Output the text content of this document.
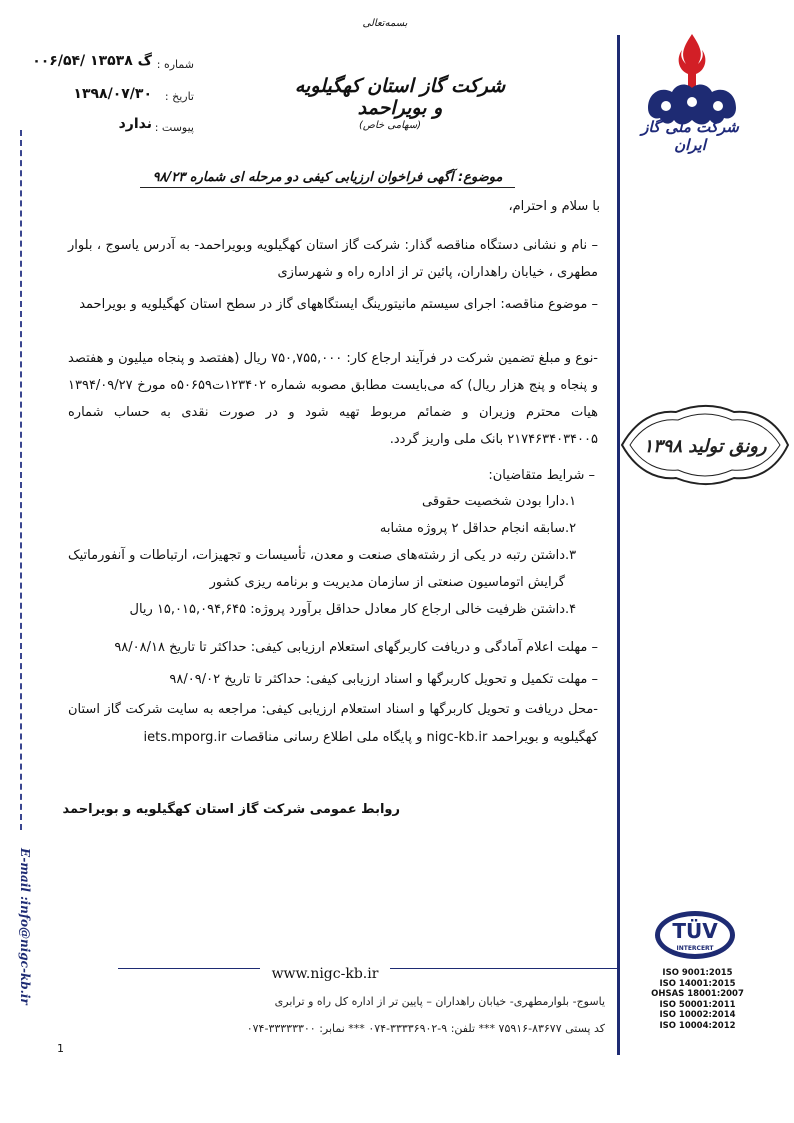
بسمه‌تعالی
شرکت گاز استان کهگیلویه و بویراحمد
(سهامی خاص)
شماره :
گ ۱۳۵۳۸ /۰۰۶/۵۴
تاریخ :
۱۳۹۸/۰۷/۳۰
پیوست :
ندارد	شرکت ملی گاز ایران
موضوع: آگهی فراخوان ارزیابی کیفی دو مرحله ای شماره ۹۸/۲۳
با سلام و احترام،
– نام و نشانی دستگاه مناقصه گذار: شرکت گاز استان کهگیلویه وبویراحمد- به آدرس یاسوج ، بلوار مطهری ، خیابان راهداران، پائین تر از اداره راه و شهرسازی
– موضوع مناقصه: اجرای سیستم مانیتورینگ ایستگاههای گاز در سطح استان کهگیلویه و بویراحمد
-نوع و مبلغ تضمین شرکت در فرآیند ارجاع کار: ۷۵۰,۷۵۵,۰۰۰ ریال (هفتصد و پنجاه میلیون و هفتصد و پنجاه و پنج هزار ریال) که می‌بایست مطابق مصوبه شماره ۱۲۳۴۰۲ت۵۰۶۵۹ه مورخ ۱۳۹۴/۰۹/۲۷ هیات محترم وزیران و ضمائم مربوط تهیه شود و در صورت نقدی به حساب شماره ۲۱۷۴۶۳۴۰۳۴۰۰۵ بانک ملی واریز گردد.
– شرایط متقاضیان:
۱.
دارا بودن شخصیت حقوقی
۲.
سابقه انجام حداقل ۲ پروژه مشابه
۳.
داشتن رتبه در یکی از رشته‌های صنعت و معدن، تأسیسات و تجهیزات، ارتباطات و آنفورماتیک گرایش اتوماسیون صنعتی از سازمان مدیریت و برنامه ریزی کشور
۴.
داشتن ظرفیت خالی ارجاع کار معادل حداقل برآورد پروژه: ۱۵,۰۱۵,۰۹۴,۶۴۵ ریال
– مهلت اعلام آمادگی و دریافت کاربرگهای استعلام ارزیابی کیفی: حداکثر تا تاریخ ۹۸/۰۸/۱۸
– مهلت تکمیل و تحویل کاربرگها و اسناد ارزیابی کیفی: حداکثر تا تاریخ ۹۸/۰۹/۰۲
-محل دریافت و تحویل کاربرگها و اسناد استعلام ارزیابی کیفی: مراجعه به سایت شرکت گاز استان کهگیلویه و بویراحمد nigc-kb.ir و پایگاه ملی اطلاع رسانی مناقصات iets.mporg.ir
روابط عمومی شرکت گاز استان کهگیلویه و بویراحمد
رونق تولید ۱۳۹۸
www.nigc-kb.ir
یاسوج- بلوارمطهری- خیابان راهداران – پایین تر از اداره کل راه و ترابری
کد پستی ۸۳۶۷۷-۷۵۹۱۶ *** تلفن: ۹-۳۳۳۳۶۹۰۲-۰۷۴ *** نمابر: ۳۳۳۳۳۳۰۰-۰۷۴
E-mail :info@nigc-kb.ir
1
TÜV
INTERCERT
ISO 9001:2015
ISO 14001:2015
OHSAS 18001:2007
ISO 50001:2011
ISO 10002:2014
ISO 10004:2012
